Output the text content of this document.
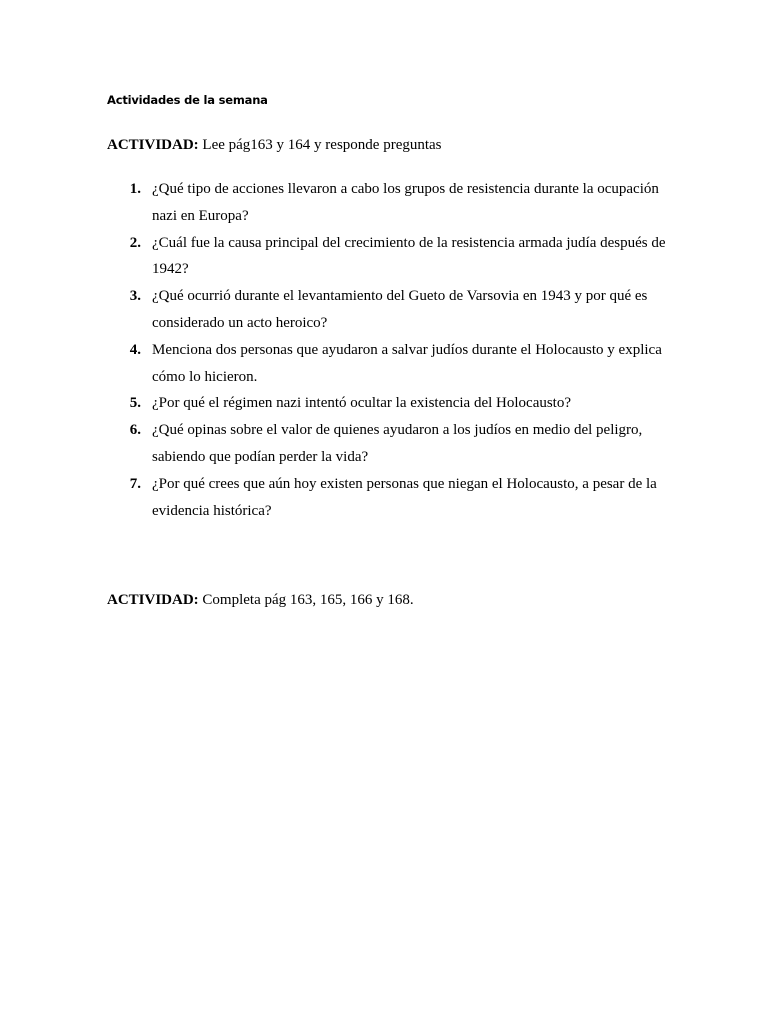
Actividades de la semana
ACTIVIDAD: Lee pág163 y 164 y responde preguntas
1. ¿Qué tipo de acciones llevaron a cabo los grupos de resistencia durante la ocupación nazi en Europa?
2. ¿Cuál fue la causa principal del crecimiento de la resistencia armada judía después de 1942?
3. ¿Qué ocurrió durante el levantamiento del Gueto de Varsovia en 1943 y por qué es considerado un acto heroico?
4. Menciona dos personas que ayudaron a salvar judíos durante el Holocausto y explica cómo lo hicieron.
5. ¿Por qué el régimen nazi intentó ocultar la existencia del Holocausto?
6. ¿Qué opinas sobre el valor de quienes ayudaron a los judíos en medio del peligro, sabiendo que podían perder la vida?
7. ¿Por qué crees que aún hoy existen personas que niegan el Holocausto, a pesar de la evidencia histórica?
ACTIVIDAD: Completa pág 163, 165, 166 y 168.
